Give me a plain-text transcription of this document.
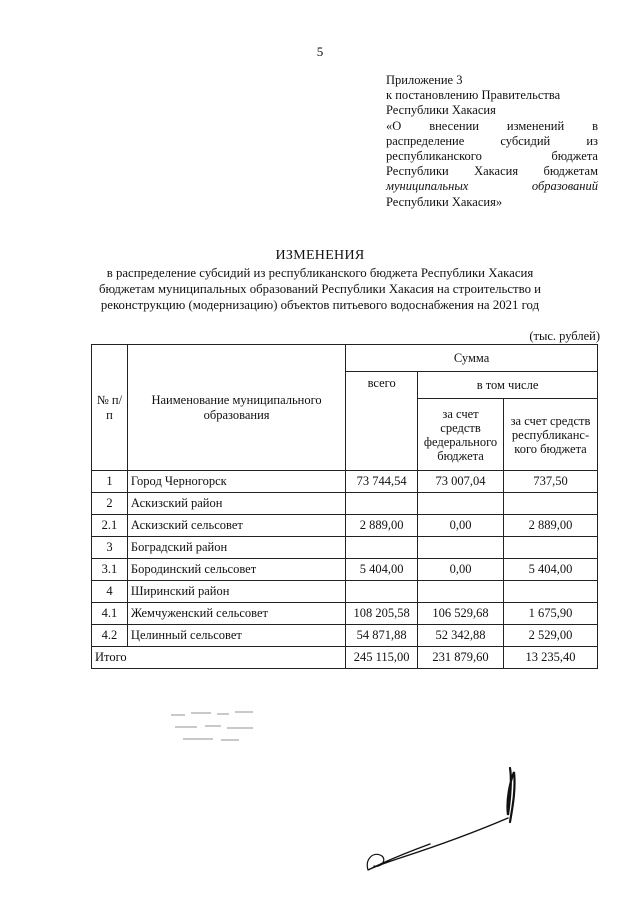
5
Приложение 3
к постановлению Правительства
Республики Хакасия
«О внесении изменений в
распределение субсидий из
республиканского бюджета
Республики Хакасия бюджетам
муниципальных образований
Республики Хакасия»
ИЗМЕНЕНИЯ
в распределение субсидий из республиканского бюджета Республики Хакасия
бюджетам муниципальных образований Республики Хакасия на строительство и
реконструкцию (модернизацию) объектов питьевого водоснабжения на 2021 год
(тыс. рублей)
№ п/п	Наименование муниципального образования	Сумма		
		всего	в том числе	
			за счет средств федерального бюджета	за счет средств республиканс-кого бюджета
1	Город Черногорск	73 744,54	73 007,04	737,50
2	Аскизский район			
2.1	Аскизский сельсовет	2 889,00	0,00	2 889,00
3	Боградский район			
3.1	Бородинский сельсовет	5 404,00	0,00	5 404,00
4	Ширинский район			
4.1	Жемчуженский сельсовет	108 205,58	106 529,68	1 675,90
4.2	Целинный сельсовет	54 871,88	52 342,88	2 529,00
Итого		245 115,00	231 879,60	13 235,40
